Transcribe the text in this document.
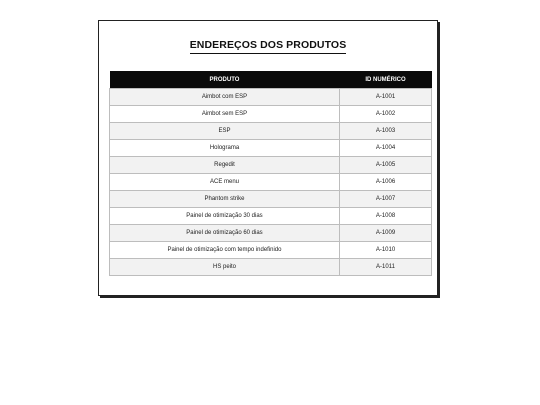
ENDEREÇOS DOS PRODUTOS
PRODUTO	ID NUMÉRICO
Aimbot com ESP	A-1001
Aimbot sem ESP	A-1002
ESP	A-1003
Holograma	A-1004
Regedit	A-1005
ACE menu	A-1006
Phantom strike	A-1007
Painel de otimização 30 dias	A-1008
Painel de otimização 60 dias	A-1009
Painel de otimização com tempo indefinido	A-1010
HS peito	A-1011
